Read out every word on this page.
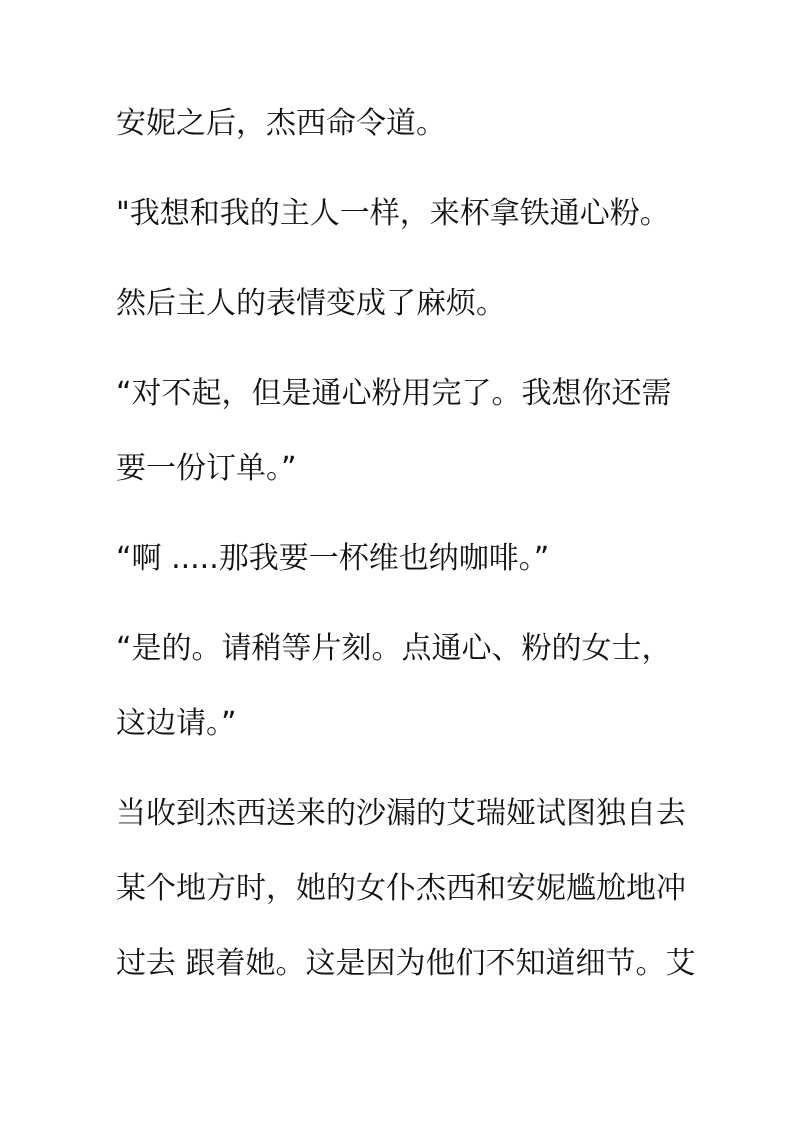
安妮之后，杰西命令道。
"我想和我的主人一样，来杯拿铁通心粉。
然后主人的表情变成了麻烦。
“对不起，但是通心粉用完了。我想你还需
要一份订单。”
“啊 .....那我要一杯维也纳咖啡。”
“是的。请稍等片刻。点通心、粉的女士，
这边请。”
当收到杰西送来的沙漏的艾瑞娅试图独自去
某个地方时，她的女仆杰西和安妮尴尬地冲
过去 跟着她。这是因为他们不知道细节。艾
